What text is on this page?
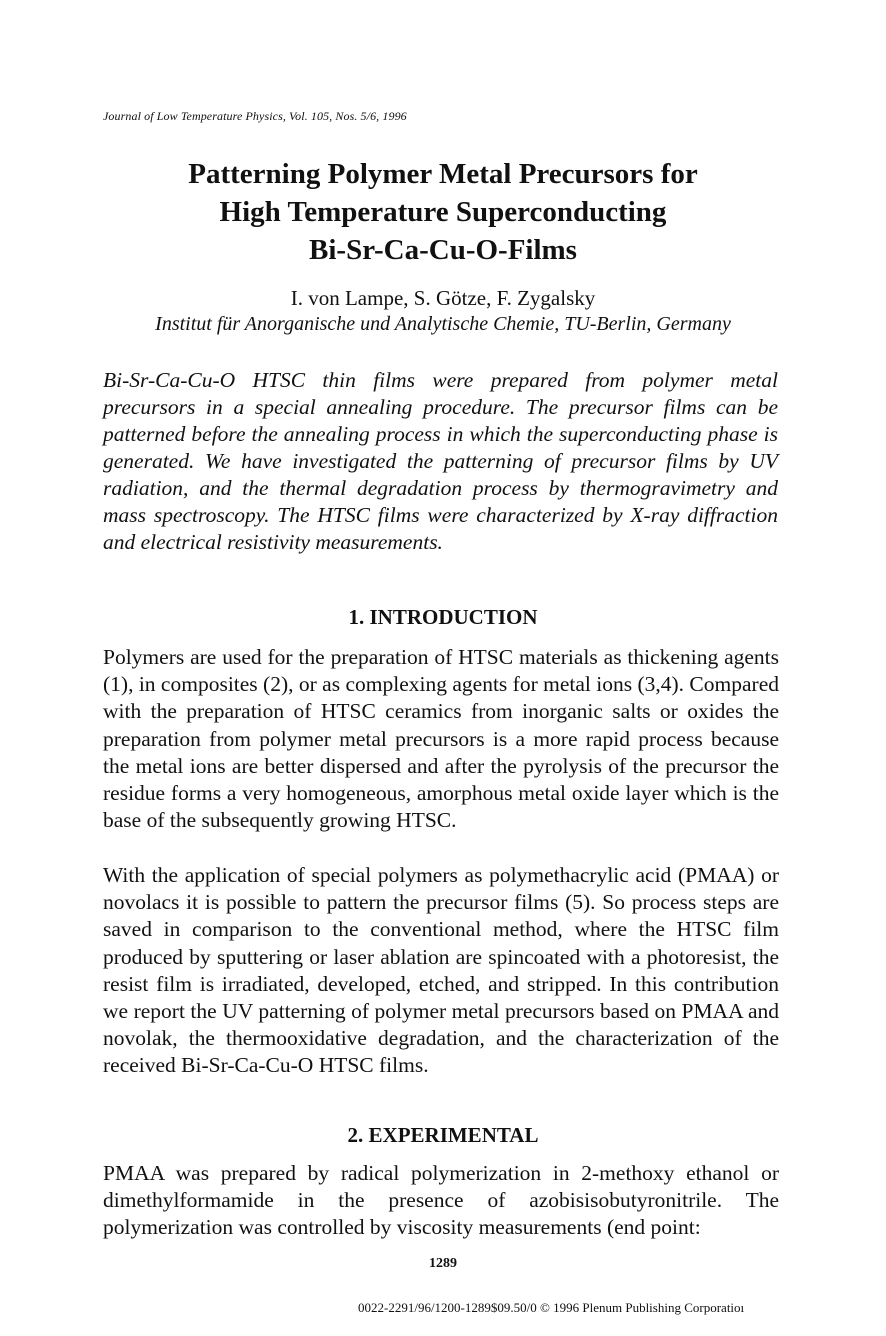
Journal of Low Temperature Physics, Vol. 105, Nos. 5/6, 1996
Patterning Polymer Metal Precursors for
High Temperature Superconducting
Bi-Sr-Ca-Cu-O-Films
I. von Lampe, S. Götze, F. Zygalsky
Institut für Anorganische und Analytische Chemie, TU-Berlin, Germany
Bi-Sr-Ca-Cu-O HTSC thin films were prepared from polymer metal precursors in a special annealing procedure. The precursor films can be patterned before the annealing process in which the superconducting phase is generated. We have investigated the patterning of precursor films by UV radiation, and the thermal degradation process by thermogravimetry and mass spectroscopy. The HTSC films were characterized by X-ray diffraction and electrical resistivity measurements.
1. INTRODUCTION

Polymers are used for the preparation of HTSC materials as thickening agents (1), in composites (2), or as complexing agents for metal ions (3,4). Compared with the preparation of HTSC ceramics from inorganic salts or oxides the preparation from polymer metal precursors is a more rapid process because the metal ions are better dispersed and after the pyrolysis of the precursor the residue forms a very homogeneous, amorphous metal oxide layer which is the base of the subsequently growing HTSC.

With the application of special polymers as polymethacrylic acid (PMAA) or novolacs it is possible to pattern the precursor films (5). So process steps are saved in comparison to the conventional method, where the HTSC film produced by sputtering or laser ablation are spincoated with a photoresist, the resist film is irradiated, developed, etched, and stripped. In this contribution we report the UV patterning of polymer metal precursors based on PMAA and novolak, the thermooxidative degradation, and the characterization of the received Bi-Sr-Ca-Cu-O HTSC films.

2. EXPERIMENTAL

PMAA was prepared by radical polymerization in 2-methoxy ethanol or dimethylformamide in the presence of azobisisobutyronitrile. The polymerization was controlled by viscosity measurements (end point:

1289
0022-2291/96/1200-1289$09.50/0 © 1996 Plenum Publishing Corporatioı
